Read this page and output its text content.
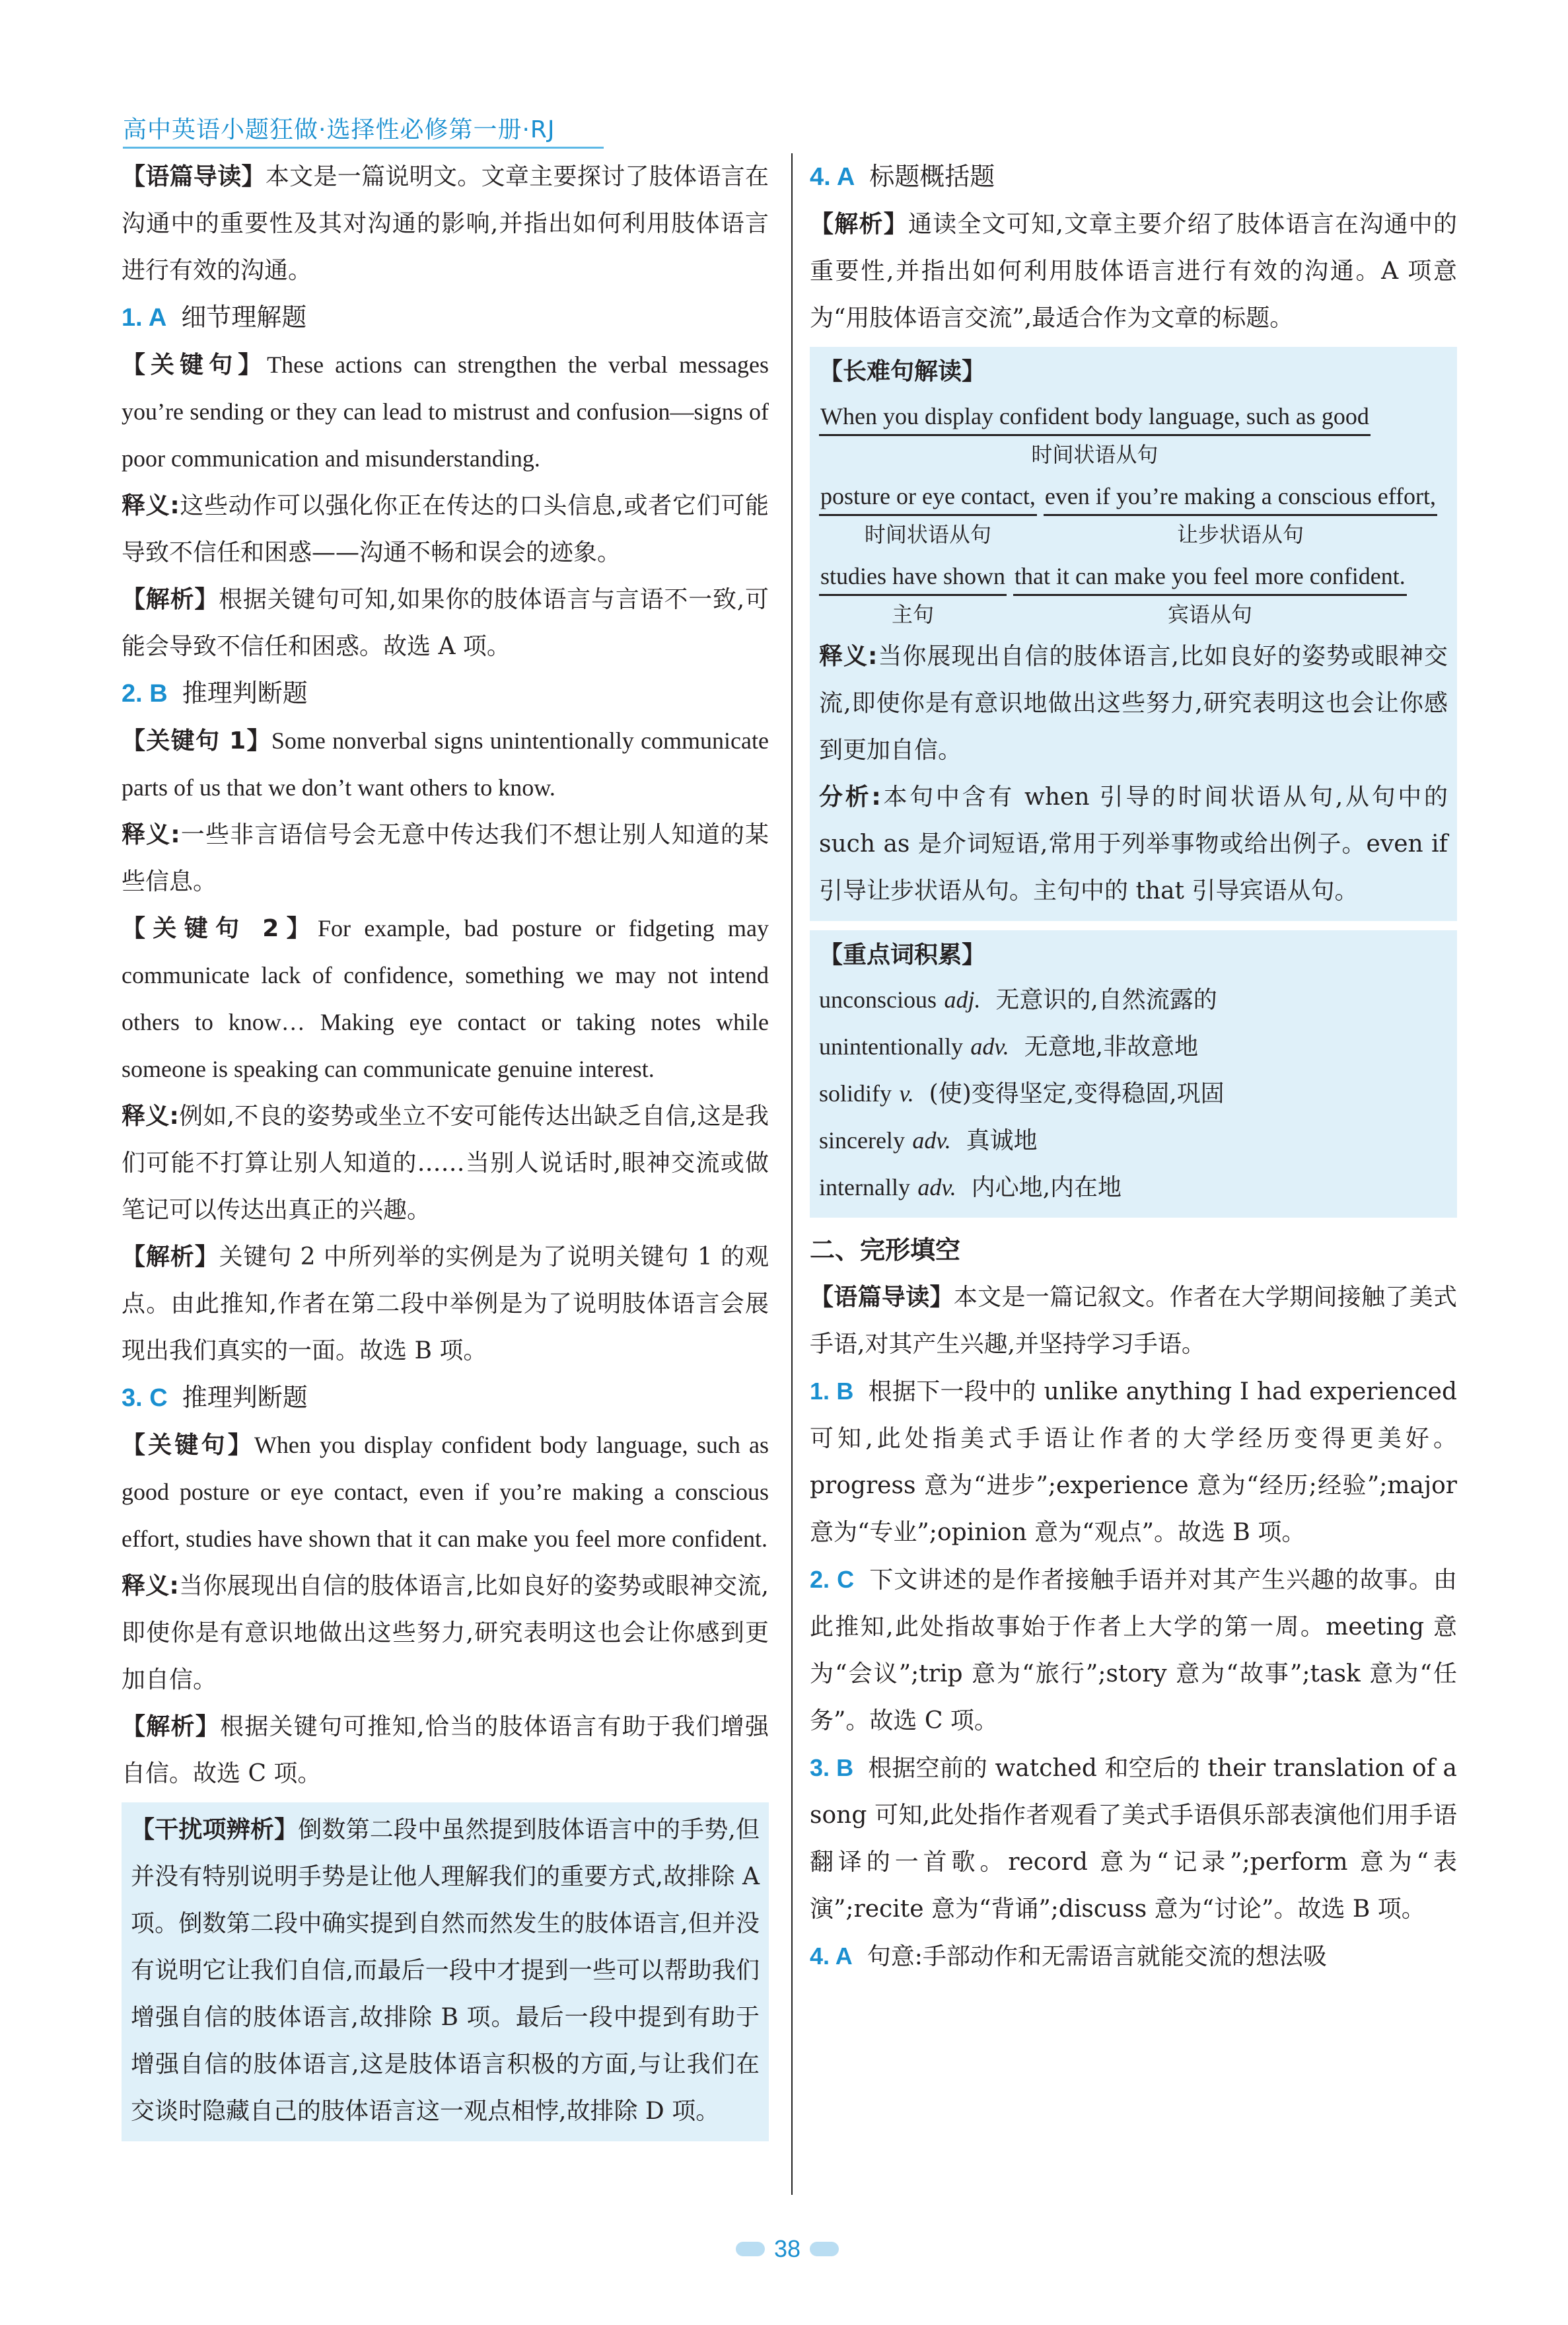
高中英语小题狂做·选择性必修第一册·RJ

【语篇导读】本文是一篇说明文。文章主要探讨了肢体语言在沟通中的重要性及其对沟通的影响,并指出如何利用肢体语言进行有效的沟通。

1. A 细节理解题

【关键句】These actions can strengthen the verbal messages you’re sending or they can lead to mistrust and confusion—signs of poor communication and misunderstanding.

释义:这些动作可以强化你正在传达的口头信息,或者它们可能导致不信任和困惑——沟通不畅和误会的迹象。

【解析】根据关键句可知,如果你的肢体语言与言语不一致,可能会导致不信任和困惑。故选 A 项。

2. B 推理判断题

【关键句 1】Some nonverbal signs unintentionally communicate parts of us that we don’t want others to know.

释义:一些非言语信号会无意中传达我们不想让别人知道的某些信息。

【关键句 2】For example, bad posture or fidgeting may communicate lack of confidence, something we may not intend others to know… Making eye contact or taking notes while someone is speaking can communicate genuine interest.

释义:例如,不良的姿势或坐立不安可能传达出缺乏自信,这是我们可能不打算让别人知道的……当别人说话时,眼神交流或做笔记可以传达出真正的兴趣。

【解析】关键句 2 中所列举的实例是为了说明关键句 1 的观点。由此推知,作者在第二段中举例是为了说明肢体语言会展现出我们真实的一面。故选 B 项。

3. C 推理判断题

【关键句】When you display confident body language, such as good posture or eye contact, even if you’re making a conscious effort, studies have shown that it can make you feel more confident.

释义:当你展现出自信的肢体语言,比如良好的姿势或眼神交流,即使你是有意识地做出这些努力,研究表明这也会让你感到更加自信。

【解析】根据关键句可推知,恰当的肢体语言有助于我们增强自信。故选 C 项。

【干扰项辨析】倒数第二段中虽然提到肢体语言中的手势,但并没有特别说明手势是让他人理解我们的重要方式,故排除 A 项。倒数第二段中确实提到自然而然发生的肢体语言,但并没有说明它让我们自信,而最后一段中才提到一些可以帮助我们增强自信的肢体语言,故排除 B 项。最后一段中提到有助于增强自信的肢体语言,这是肢体语言积极的方面,与让我们在交谈时隐藏自己的肢体语言这一观点相悖,故排除 D 项。

4. A 标题概括题

【解析】通读全文可知,文章主要介绍了肢体语言在沟通中的重要性,并指出如何利用肢体语言进行有效的沟通。A 项意为“用肢体语言交流”,最适合作为文章的标题。

【长难句解读】
When you display confident body language, such as good
时间状语从句
posture or eye contact,
时间状语从句
even if you’re making a conscious effort,
让步状语从句
studies have shown
主句
that it can make you feel more confident.
宾语从句

释义:当你展现出自信的肢体语言,比如良好的姿势或眼神交流,即使你是有意识地做出这些努力,研究表明这也会让你感到更加自信。

分析:本句中含有 when 引导的时间状语从句,从句中的 such as 是介词短语,常用于列举事物或给出例子。even if 引导让步状语从句。主句中的 that 引导宾语从句。

【重点词积累】

unconscious adj. 无意识的,自然流露的

unintentionally adv. 无意地,非故意地

solidify v. (使)变得坚定,变得稳固,巩固

sincerely adv. 真诚地

internally adv. 内心地,内在地

二、完形填空

【语篇导读】本文是一篇记叙文。作者在大学期间接触了美式手语,对其产生兴趣,并坚持学习手语。

1. B 根据下一段中的 unlike anything I had experienced 可知,此处指美式手语让作者的大学经历变得更美好。progress 意为“进步”;experience 意为“经历;经验”;major 意为“专业”;opinion 意为“观点”。故选 B 项。

2. C 下文讲述的是作者接触手语并对其产生兴趣的故事。由此推知,此处指故事始于作者上大学的第一周。meeting 意为“会议”;trip 意为“旅行”;story 意为“故事”;task 意为“任务”。故选 C 项。

3. B 根据空前的 watched 和空后的 their translation of a song 可知,此处指作者观看了美式手语俱乐部表演他们用手语翻译的一首歌。record 意为“记录”;perform 意为“表演”;recite 意为“背诵”;discuss 意为“讨论”。故选 B 项。

4. A 句意:手部动作和无需语言就能交流的想法吸

38
